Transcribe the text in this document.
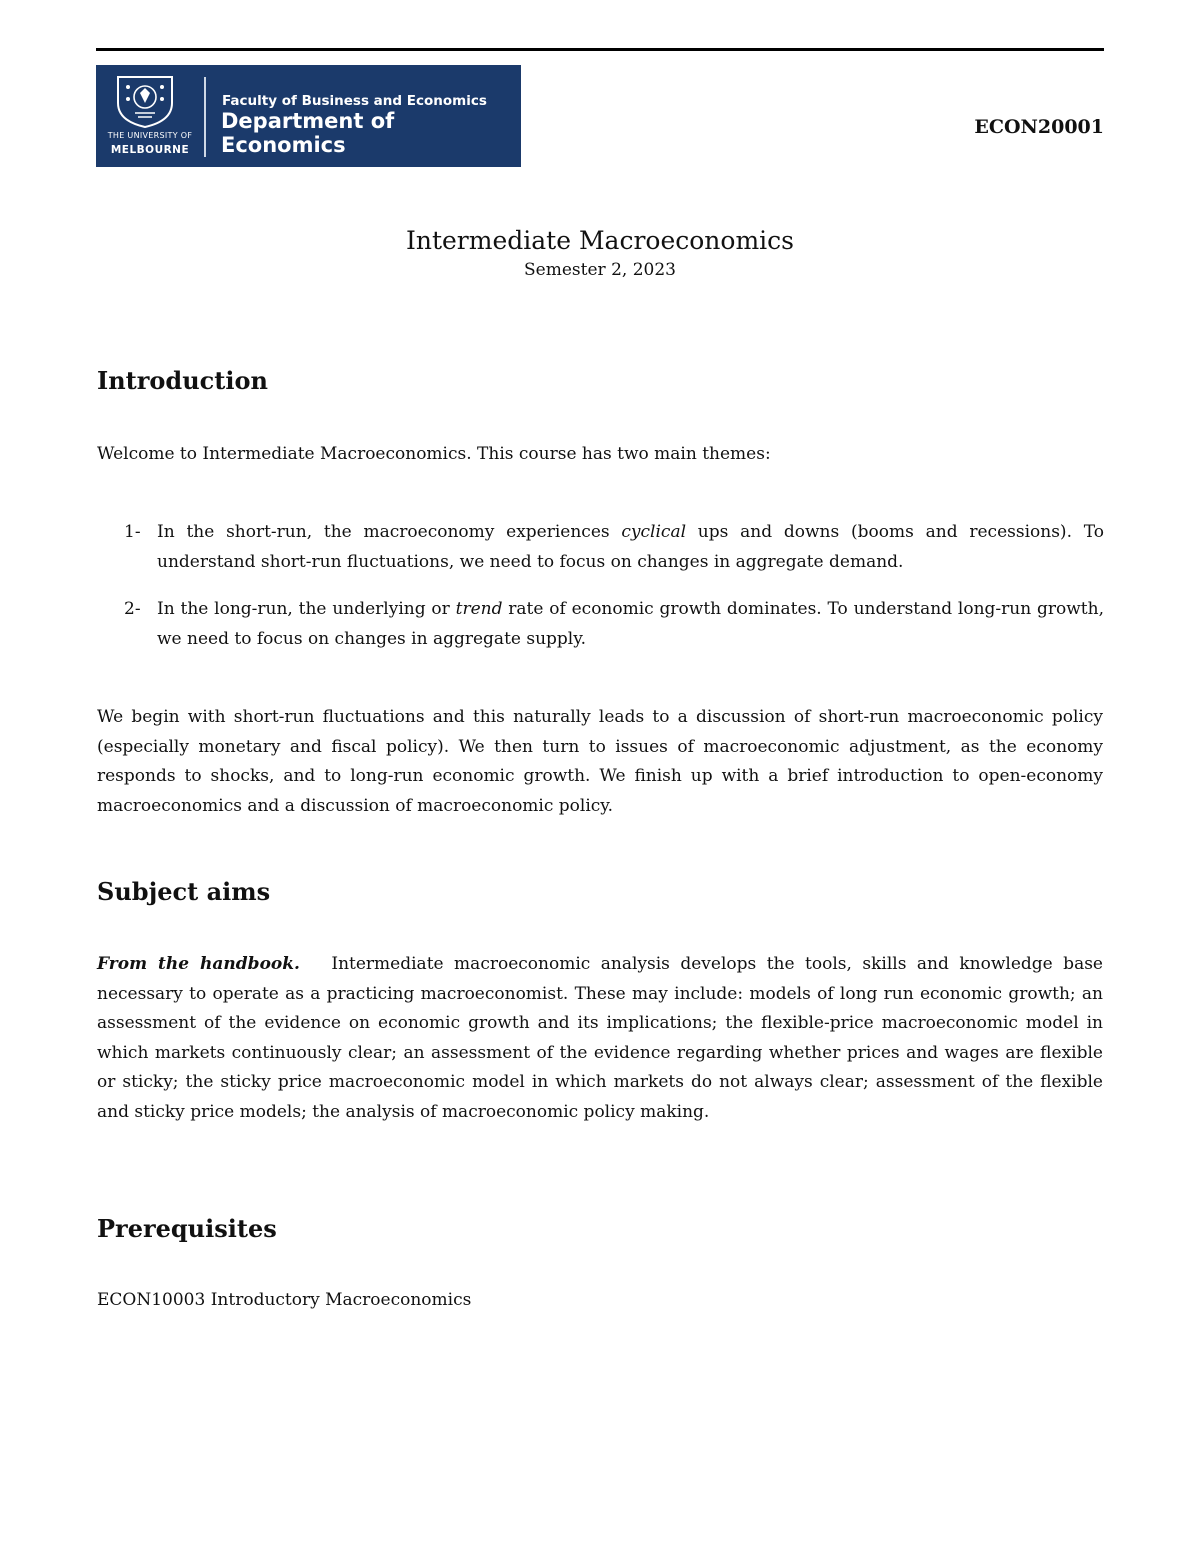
THE UNIVERSITY OF
MELBOURNE
Faculty of Business and Economics
Department of Economics
ECON20001
Intermediate Macroeconomics
Semester 2, 2023
Introduction

Welcome to Intermediate Macroeconomics. This course has two main themes:

1- In the short-run, the macroeconomy experiences cyclical ups and downs (booms and recessions). To understand short-run fluctuations, we need to focus on changes in aggregate demand.
2- In the long-run, the underlying or trend rate of economic growth dominates. To understand long-run growth, we need to focus on changes in aggregate supply.

We begin with short-run fluctuations and this naturally leads to a discussion of short-run macroeconomic policy (especially monetary and fiscal policy). We then turn to issues of macroeconomic adjustment, as the economy responds to shocks, and to long-run economic growth. We finish up with a brief introduction to open-economy macroeconomics and a discussion of macroeconomic policy.

Subject aims

From the handbook. Intermediate macroeconomic analysis develops the tools, skills and knowledge base necessary to operate as a practicing macroeconomist. These may include: models of long run economic growth; an assessment of the evidence on economic growth and its implications; the flexible-price macroeconomic model in which markets continuously clear; an assessment of the evidence regarding whether prices and wages are flexible or sticky; the sticky price macroeconomic model in which markets do not always clear; assessment of the flexible and sticky price models; the analysis of macroeconomic policy making.

Prerequisites

ECON10003 Introductory Macroeconomics
